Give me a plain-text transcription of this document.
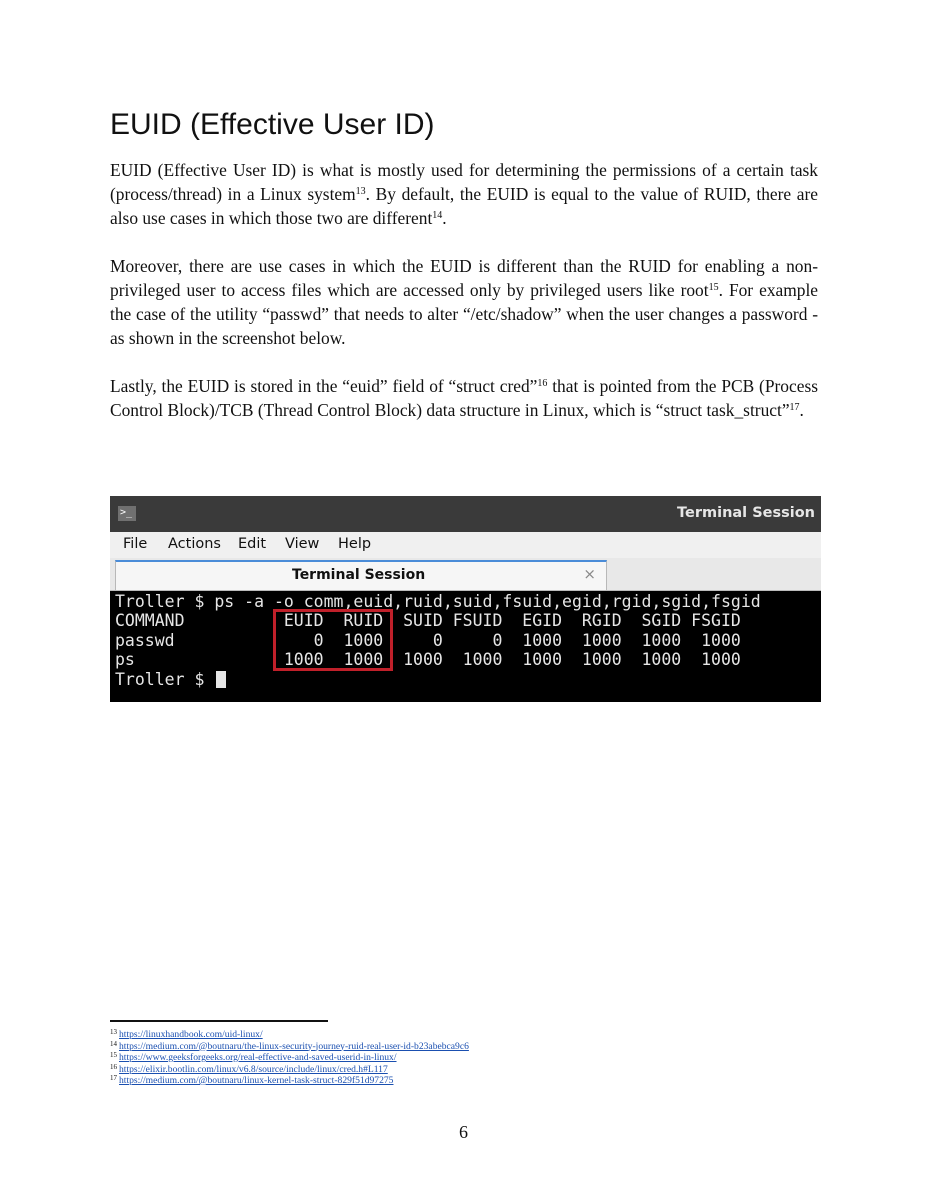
EUID (Effective User ID)

EUID (Effective User ID) is what is mostly used for determining the permissions of a certain task (process/thread) in a Linux system$^{13}$. By default, the EUID is equal to the value of RUID, there are also use cases in which those two are different$^{14}$.

Moreover, there are use cases in which the EUID is different than the RUID for enabling a non-privileged user to access files which are accessed only by privileged users like root$^{15}$. For example the case of the utility “passwd” that needs to alter “/etc/shadow” when the user changes a password - as shown in the screenshot below.

Lastly, the EUID is stored in the “euid” field of “struct cred”$^{16}$ that is pointed from the PCB (Process Control Block)/TCB (Thread Control Block) data structure in Linux, which is “struct task_struct”$^{17}$.

>_	Terminal Session
File Actions Edit View Help
Terminal Session	×
Troller $ ps -a -o comm,euid,ruid,suid,fsuid,egid,rgid,sgid,fsgid
COMMAND          EUID  RUID  SUID FSUID  EGID  RGID  SGID FSGID
passwd              0  1000     0     0  1000  1000  1000  1000
ps               1000  1000  1000  1000  1000  1000  1000  1000
Troller $
$^{13}$ https://linuxhandbook.com/uid-linux/
$^{14}$ https://medium.com/@boutnaru/the-linux-security-journey-ruid-real-user-id-b23abebca9c6
$^{15}$ https://www.geeksforgeeks.org/real-effective-and-saved-userid-in-linux/
$^{16}$ https://elixir.bootlin.com/linux/v6.8/source/include/linux/cred.h#L117
$^{17}$ https://medium.com/@boutnaru/linux-kernel-task-struct-829f51d97275
6
